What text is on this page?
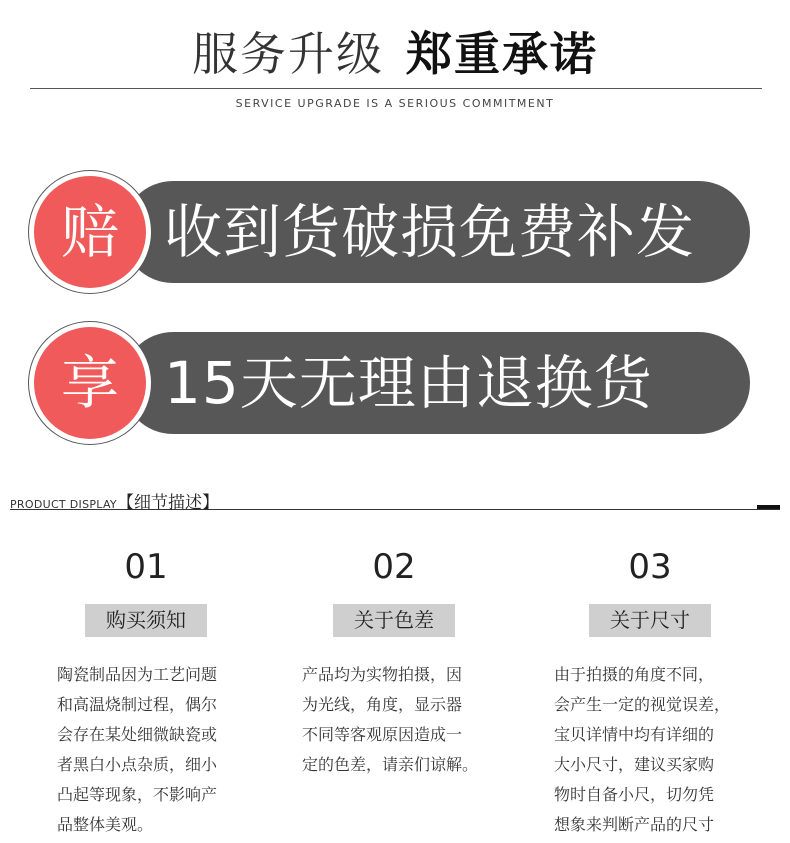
服务升级 郑重承诺
SERVICE UPGRADE IS A SERIOUS COMMITMENT
收到货破损免费补发
赔
15天无理由退换货
享
PRODUCT DISPLAY【细节描述】
01
购买须知
陶瓷制品因为工艺问题
和高温烧制过程，偶尔
会存在某处细微缺瓷或
者黑白小点杂质，细小
凸起等现象，不影响产
品整体美观。
02
关于色差
产品均为实物拍摄，因
为光线，角度，显示器
不同等客观原因造成一
定的色差，请亲们谅解。
03
关于尺寸
由于拍摄的角度不同，
会产生一定的视觉误差，
宝贝详情中均有详细的
大小尺寸，建议买家购
物时自备小尺，切勿凭
想象来判断产品的尺寸
